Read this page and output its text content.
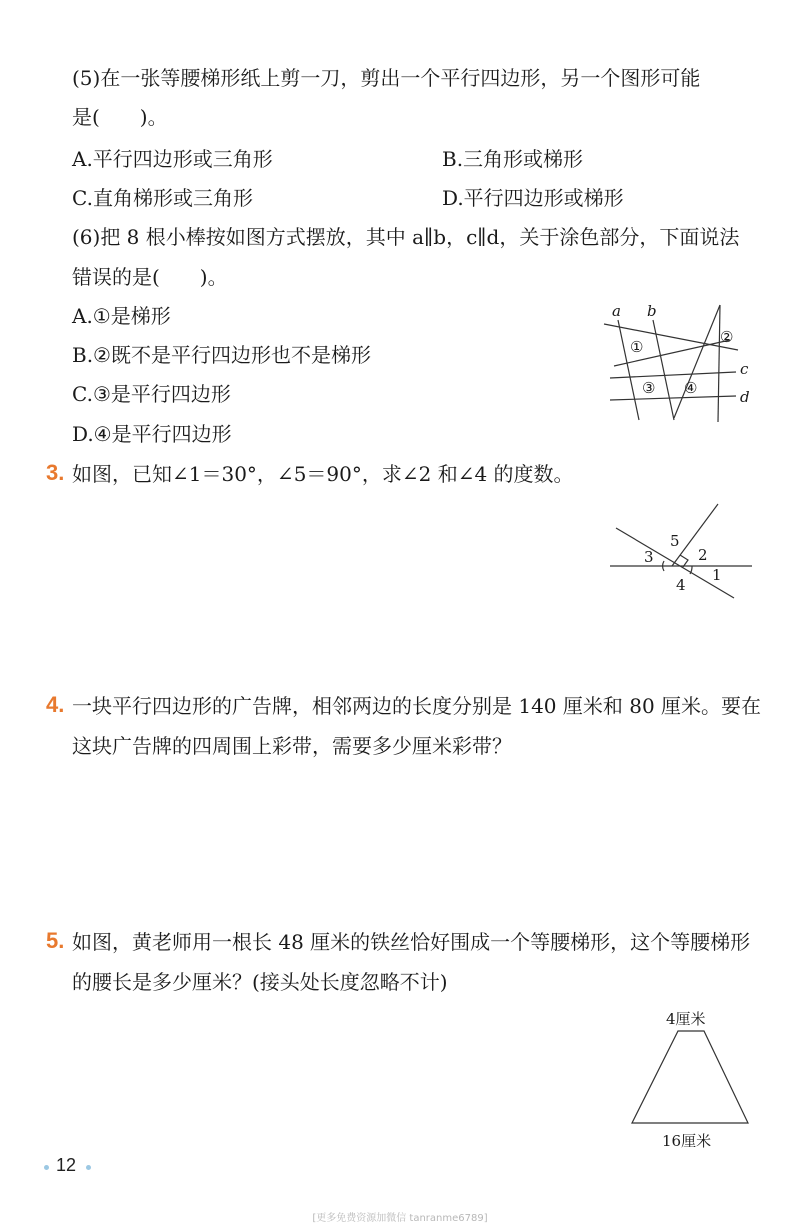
(5)在一张等腰梯形纸上剪一刀，剪出一个平行四边形，另一个图形可能
是(　　)。
A.平行四边形或三角形	B.三角形或梯形
C.直角梯形或三角形	D.平行四边形或梯形
(6)把 8 根小棒按如图方式摆放，其中 a∥b，c∥d，关于涂色部分，下面说法
错误的是(　　)。
A.①是梯形
B.②既不是平行四边形也不是梯形
C.③是平行四边形
D.④是平行四边形
a b
c
d
①
②
③ ④
3. 如图，已知∠1＝30°，∠5＝90°，求∠2 和∠4 的度数。
5
2
3
4
1
4. 一块平行四边形的广告牌，相邻两边的长度分别是 140 厘米和 80 厘米。要在
这块广告牌的四周围上彩带，需要多少厘米彩带？
5. 如图，黄老师用一根长 48 厘米的铁丝恰好围成一个等腰梯形，这个等腰梯形
的腰长是多少厘米？(接头处长度忽略不计)
4厘米
16厘米
12
[更多免费资源加微信 tanranme6789]
